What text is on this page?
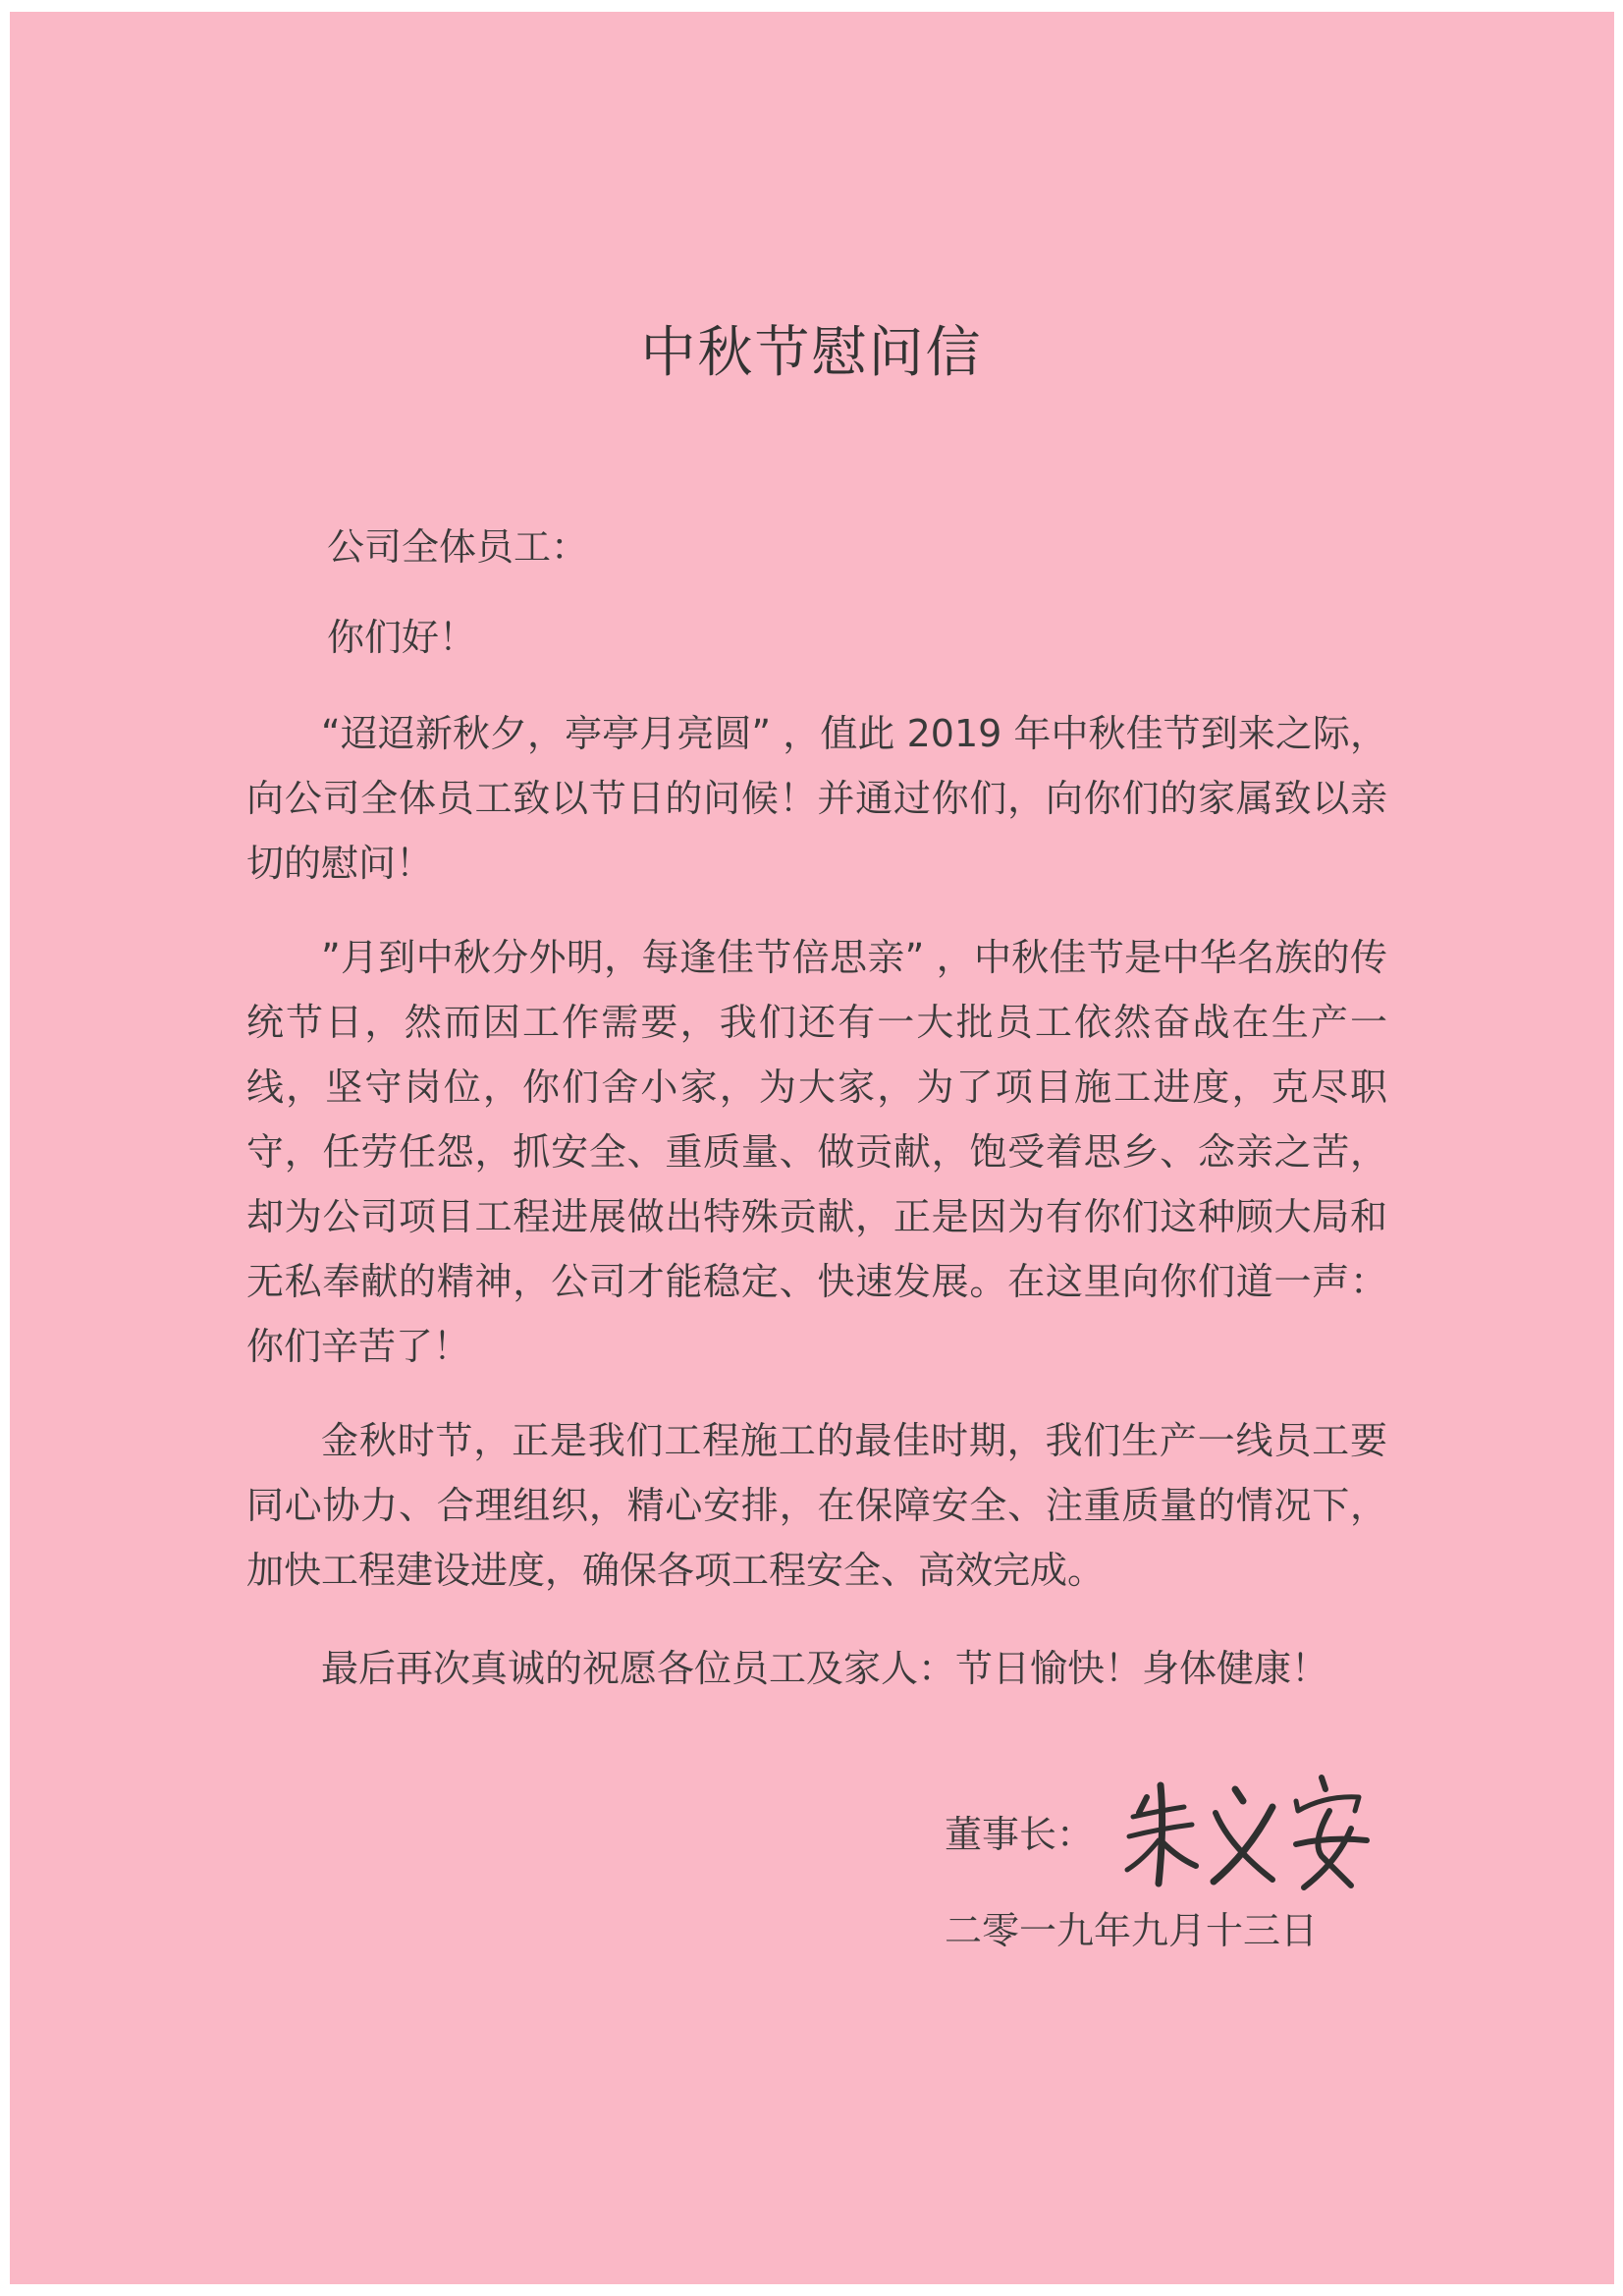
中秋节慰问信

公司全体员工：

你们好！

“迢迢新秋夕，亭亭月亮圆” ，值此 2019 年中秋佳节到来之际，向公司全体员工致以节日的问候！并通过你们，向你们的家属致以亲切的慰问！

”月到中秋分外明，每逢佳节倍思亲” ，中秋佳节是中华名族的传统节日，然而因工作需要，我们还有一大批员工依然奋战在生产一线，坚守岗位，你们舍小家，为大家，为了项目施工进度，克尽职守，任劳任怨，抓安全、重质量、做贡献，饱受着思乡、念亲之苦，却为公司项目工程进展做出特殊贡献，正是因为有你们这种顾大局和无私奉献的精神，公司才能稳定、快速发展。在这里向你们道一声：你们辛苦了！

金秋时节，正是我们工程施工的最佳时期，我们生产一线员工要同心协力、合理组织，精心安排，在保障安全、注重质量的情况下，加快工程建设进度，确保各项工程安全、高效完成。

最后再次真诚的祝愿各位员工及家人：节日愉快！身体健康！

董事长：

二零一九年九月十三日
